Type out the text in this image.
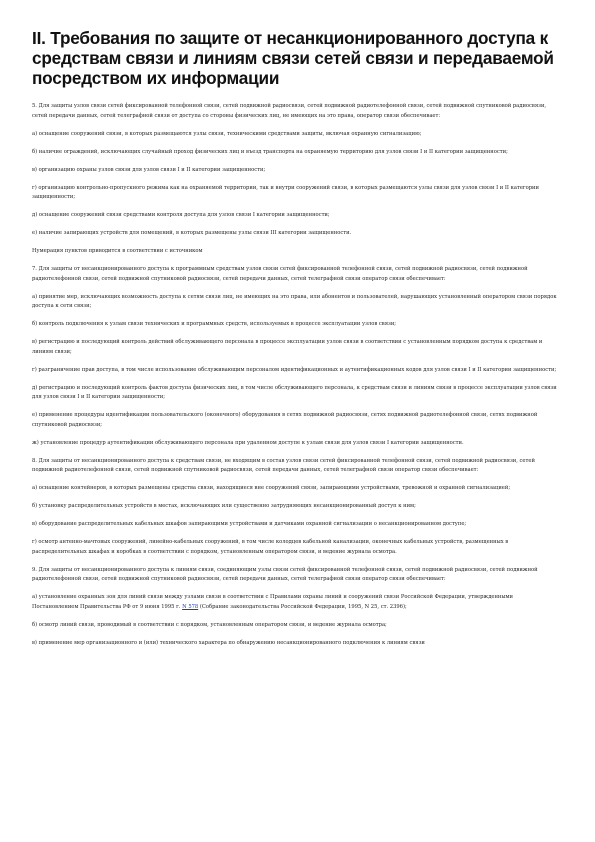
II. Требования по защите от несанкционированного доступа к средствам связи и линиям связи сетей связи и передаваемой посредством их информации
5. Для защиты узлов связи сетей фиксированной телефонной связи, сетей подвижной радиосвязи, сетей подвижной радиотелефонной связи, сетей подвижной спутниковой радиосвязи, сетей передачи данных, сетей телеграфной связи от доступа со стороны физических лиц, не имеющих на это права, оператор связи обеспечивает:
а) оснащение сооружений связи, в которых размещаются узлы связи, техническими средствами защиты, включая охранную сигнализацию;
б) наличие ограждений, исключающих случайный проход физических лиц и въезд транспорта на охраняемую территорию для узлов связи I и II категории защищенности;
в) организацию охраны узлов связи для узлов связи I и II категории защищенности;
г) организацию контрольно-пропускного режима как на охраняемой территории, так и внутри сооружений связи, в которых размещаются узлы связи для узлов связи I и II категории защищенности;
д) оснащение сооружений связи средствами контроля доступа для узлов связи I категории защищенности;
е) наличие запирающих устройств для помещений, в которых размещены узлы связи III категории защищенности.
Нумерация пунктов приводится в соответствии с источником
7. Для защиты от несанкционированного доступа к программным средствам узлов связи сетей фиксированной телефонной связи, сетей подвижной радиосвязи, сетей подвижной радиотелефонной связи, сетей подвижной спутниковой радиосвязи, сетей передачи данных, сетей телеграфной связи оператор связи обеспечивает:
а) принятие мер, исключающих возможность доступа к сетям связи лиц, не имеющих на это права, или абонентов и пользователей, нарушающих установленный оператором связи порядок доступа к сети связи;
б) контроль подключения к узлам связи технических и программных средств, используемых в процессе эксплуатации узлов связи;
в) регистрацию и последующий контроль действий обслуживающего персонала в процессе эксплуатации узлов связи в соответствии с установленным порядком доступа к средствам и линиям связи;
г) разграничение прав доступа, в том числе использование обслуживающим персоналом идентификационных и аутентификационных кодов для узлов связи I и II категории защищенности;
д) регистрацию и последующий контроль фактов доступа физических лиц, в том числе обслуживающего персонала, к средствам связи и линиям связи в процессе эксплуатации узлов связи для узлов связи I и II категории защищенности;
е) применение процедуры идентификации пользовательского (оконечного) оборудования в сетях подвижной радиосвязи, сетях подвижной радиотелефонной связи, сетях подвижной спутниковой радиосвязи;
ж) установление процедур аутентификации обслуживающего персонала при удаленном доступе к узлам связи для узлов связи I категории защищенности.
8. Для защиты от несанкционированного доступа к средствам связи, не входящим в состав узлов связи сетей фиксированной телефонной связи, сетей подвижной радиосвязи, сетей подвижной радиотелефонной связи, сетей подвижной спутниковой радиосвязи, сетей передачи данных, сетей телеграфной связи оператор связи обеспечивает:
а) оснащение контейнеров, в которых размещены средства связи, находящиеся вне сооружений связи, запирающими устройствами, тревожной и охранной сигнализацией;
б) установку распределительных устройств в местах, исключающих или существенно затрудняющих несанкционированный доступ к ним;
в) оборудование распределительных кабельных шкафов запирающими устройствами и датчиками охранной сигнализации о несанкционированном доступе;
г) осмотр антенно-мачтовых сооружений, линейно-кабельных сооружений, в том числе колодцев кабельной канализации, оконечных кабельных устройств, размещенных в распределительных шкафах и коробках в соответствии с порядком, установленным оператором связи, и ведение журнала осмотра.
9. Для защиты от несанкционированного доступа к линиям связи, соединяющим узлы связи сетей фиксированной телефонной связи, сетей подвижной радиосвязи, сетей подвижной радиотелефонной связи, сетей подвижной спутниковой радиосвязи, сетей передачи данных, сетей телеграфной связи оператор связи обеспечивает:
а) установление охранных зон для линий связи между узлами связи в соответствии с Правилами охраны линий и сооружений связи Российской Федерации, утвержденными Постановлением Правительства РФ от 9 июня 1995 г. N 578 (Собрание законодательства Российской Федерации, 1995, N 25, ст. 2396);
б) осмотр линий связи, проводимый в соответствии с порядком, установленным оператором связи, и ведение журнала осмотра;
в) применение мер организационного и (или) технического характера по обнаружению несанкционированного подключения к линиям связи
